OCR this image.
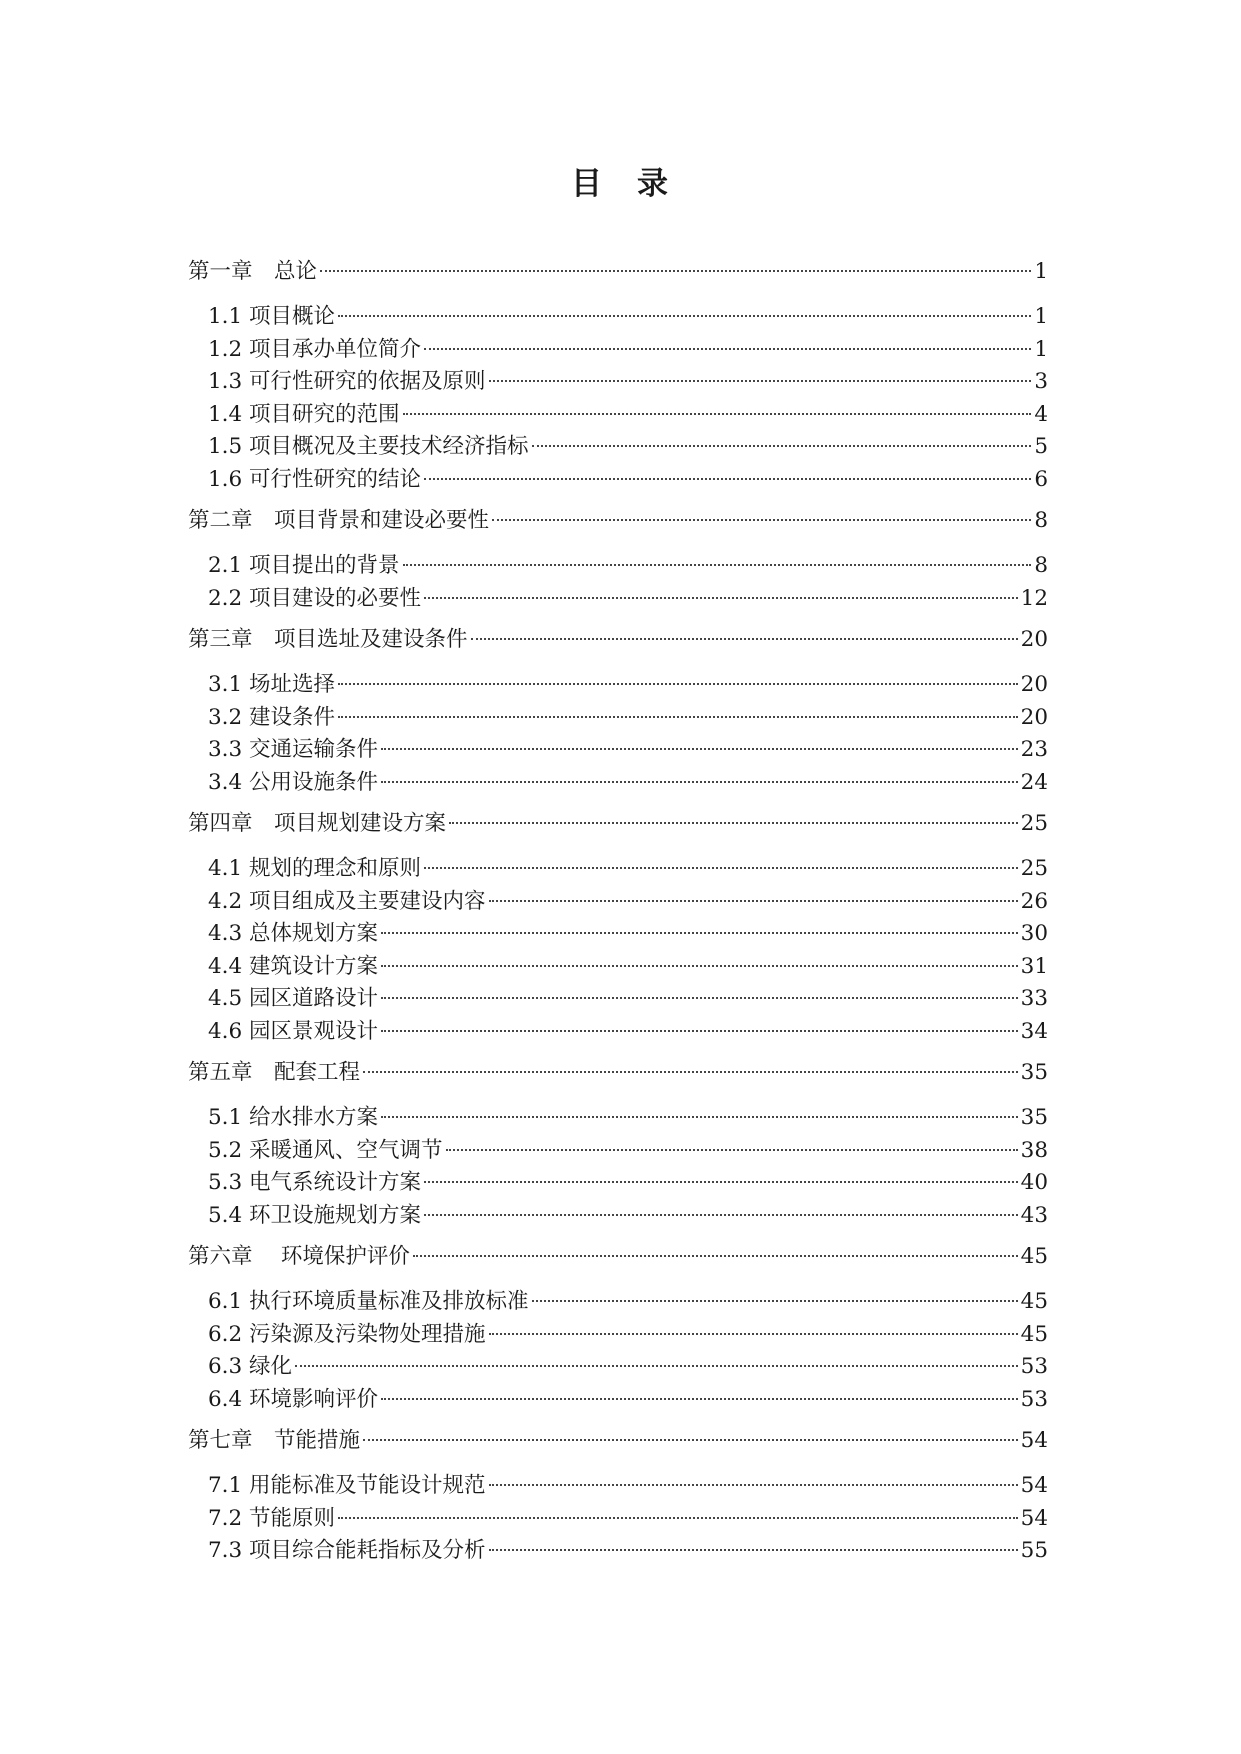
目　录
第一章　总论	1
1.1 项目概论	1
1.2 项目承办单位简介	1
1.3 可行性研究的依据及原则	3
1.4 项目研究的范围	4
1.5 项目概况及主要技术经济指标	5
1.6 可行性研究的结论	6
第二章　项目背景和建设必要性	8
2.1 项目提出的背景	8
2.2 项目建设的必要性	12
第三章　项目选址及建设条件	20
3.1 场址选择	20
3.2 建设条件	20
3.3 交通运输条件	23
3.4 公用设施条件	24
第四章　项目规划建设方案	25
4.1 规划的理念和原则	25
4.2 项目组成及主要建设内容	26
4.3 总体规划方案	30
4.4 建筑设计方案	31
4.5 园区道路设计	33
4.6 园区景观设计	34
第五章　配套工程	35
5.1 给水排水方案	35
5.2 采暖通风、空气调节	38
5.3 电气系统设计方案	40
5.4 环卫设施规划方案	43
第六章　 环境保护评价	45
6.1 执行环境质量标准及排放标准	45
6.2 污染源及污染物处理措施	45
6.3 绿化	53
6.4 环境影响评价	53
第七章　节能措施	54
7.1 用能标准及节能设计规范	54
7.2 节能原则	54
7.3 项目综合能耗指标及分析	55
